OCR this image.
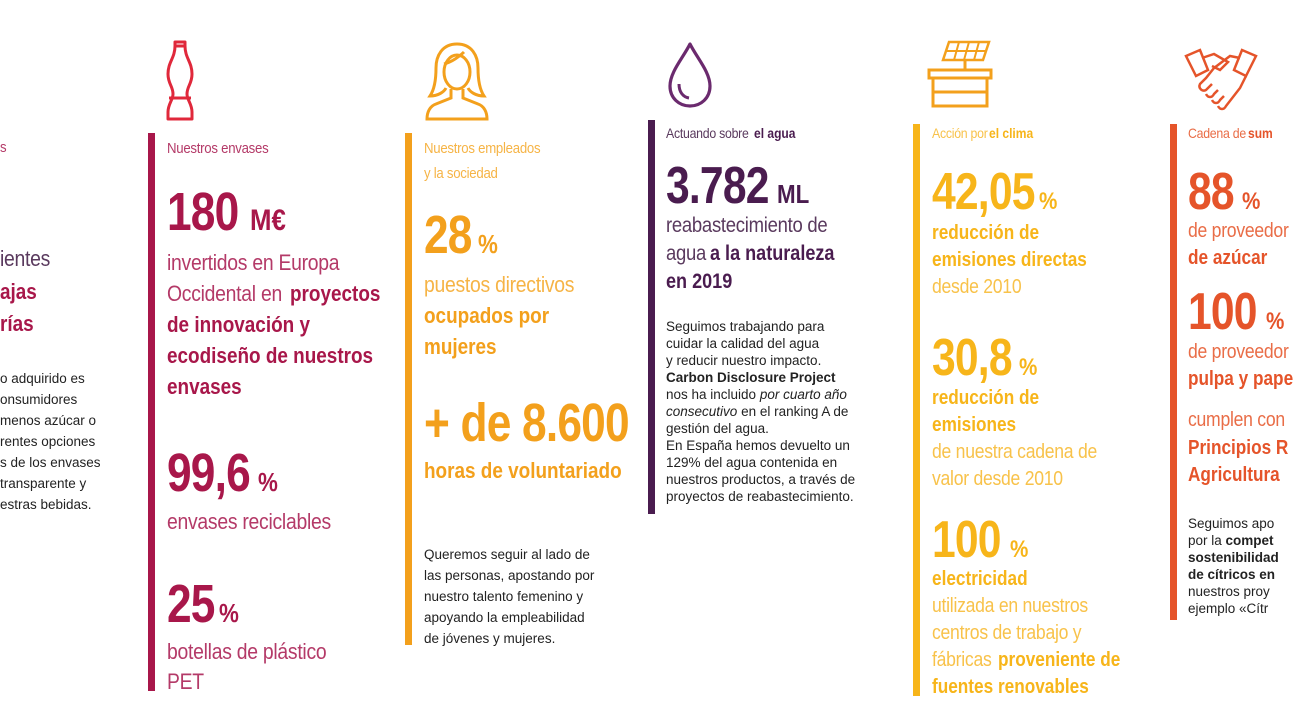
s
ientes
ajas
rías
o adquirido es
onsumidores
menos azúcar o
rentes opciones
s de los envases
transparente y
estras bebidas.
Nuestros envases
180 M€
invertidos en Europa
Occidental en proyectos
de innovación y
ecodiseño de nuestros
envases
99,6 %
envases reciclables
25 %
botellas de plástico
PET
Nuestros empleados
y la sociedad
28 %
puestos directivos
ocupados por
mujeres
+ de 8.600
horas de voluntariado
Queremos seguir al lado de
las personas, apostando por
nuestro talento femenino y
apoyando la empleabilidad
de jóvenes y mujeres.
Actuando sobre el agua
3.782 ML
reabastecimiento de
agua a la naturaleza
en 2019
Seguimos trabajando para
cuidar la calidad del agua
y reducir nuestro impacto.
Carbon Disclosure Project
nos ha incluido por cuarto año
consecutivo en el ranking A de
gestión del agua.
En España hemos devuelto un
129% del agua contenida en
nuestros productos, a través de
proyectos de reabastecimiento.
Acción por el clima
42,05 %
reducción de
emisiones directas
desde 2010
30,8 %
reducción de
emisiones
de nuestra cadena de
valor desde 2010
100 %
electricidad
utilizada en nuestros
centros de trabajo y
fábricas proveniente de
fuentes renovables
Cadena de sum
88 %
de proveedor
de azúcar
100 %
de proveedor
pulpa y pape
cumplen con
Principios R
Agricultura
Seguimos apo
por la compet
sostenibilidad
de cítricos en
nuestros proy
ejemplo «Cítr
